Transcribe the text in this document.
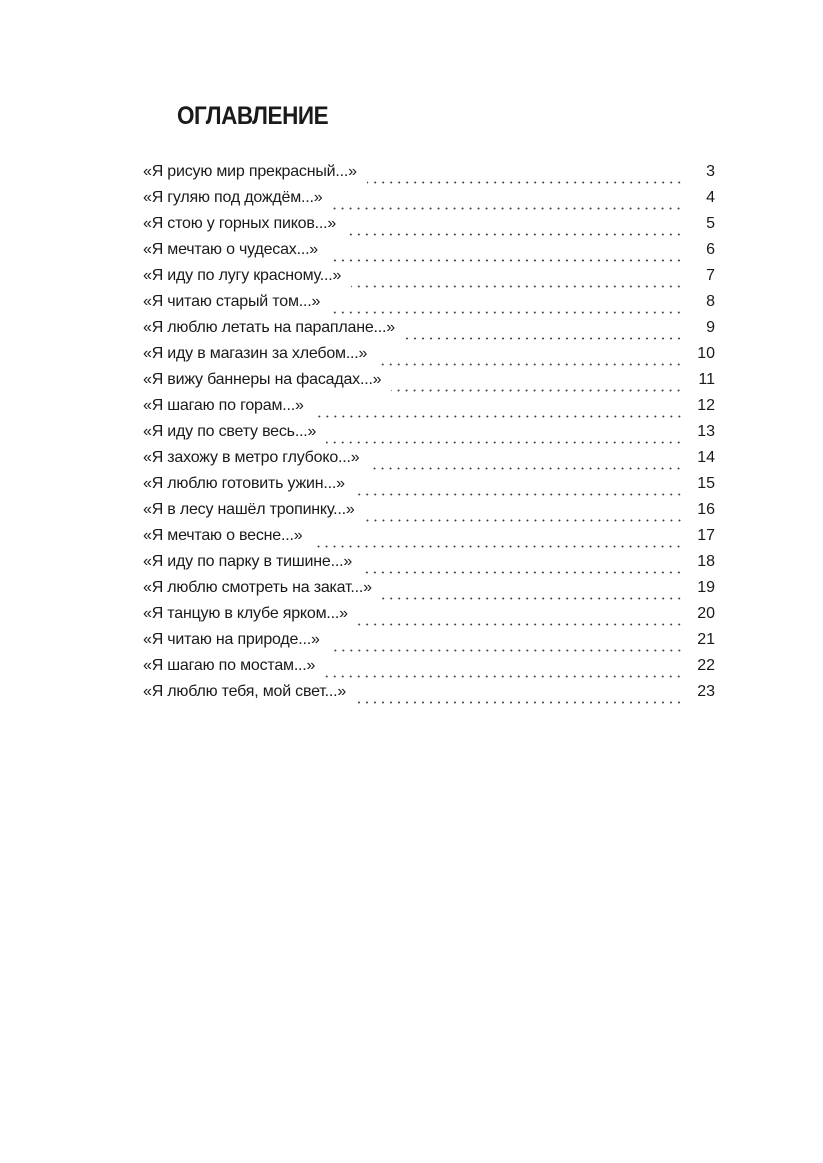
ОГЛАВЛЕНИЕ
«Я рисую мир прекрасный...»	3
«Я гуляю под дождём...»	4
«Я стою у горных пиков...»	5
«Я мечтаю о чудесах...»	6
«Я иду по лугу красному...»	7
«Я читаю старый том...»	8
«Я люблю летать на параплане...»	9
«Я иду в магазин за хлебом...»	10
«Я вижу баннеры на фасадах...»	11
«Я шагаю по горам...»	12
«Я иду по свету весь...»	13
«Я захожу в метро глубоко...»	14
«Я люблю готовить ужин...»	15
«Я в лесу нашёл тропинку...»	16
«Я мечтаю о весне...»	17
«Я иду по парку в тишине...»	18
«Я люблю смотреть на закат...»	19
«Я танцую в клубе ярком...»	20
«Я читаю на природе...»	21
«Я шагаю по мостам...»	22
«Я люблю тебя, мой свет...»	23
